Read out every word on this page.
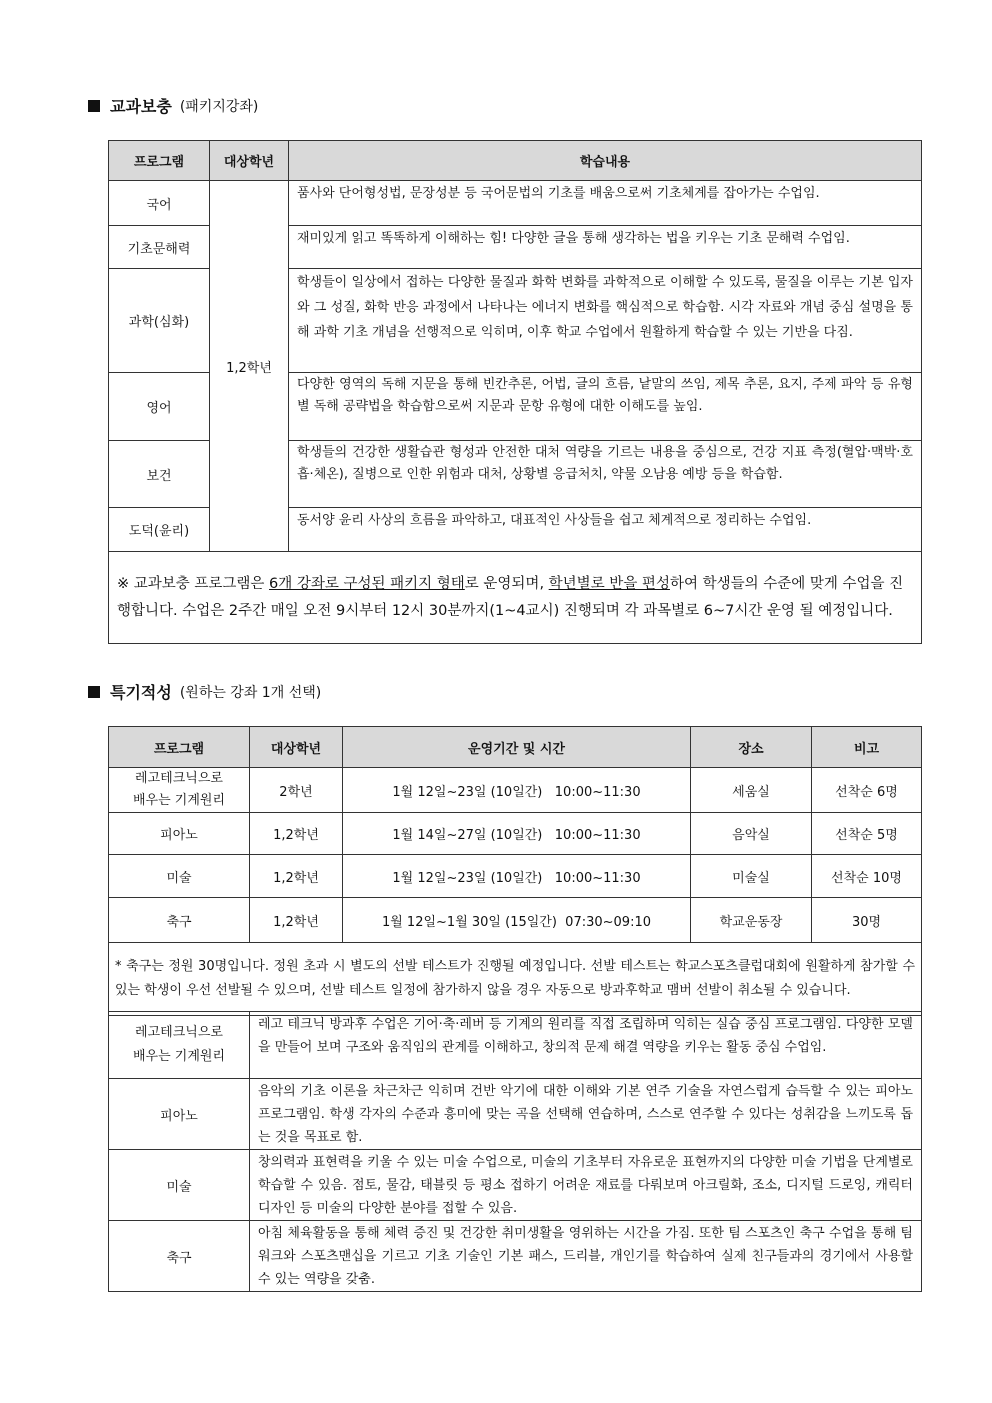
교과보충 (패키지강좌)
프로그램	대상학년	학습내용
국어	1,2학년	품사와 단어형성법, 문장성분 등 국어문법의 기초를 배움으로써 기초체계를 잡아가는 수업임.
기초문해력		재미있게 읽고 똑똑하게 이해하는 힘! 다양한 글을 통해 생각하는 법을 키우는 기초 문해력 수업임.
과학(심화)		학생들이 일상에서 접하는 다양한 물질과 화학 변화를 과학적으로 이해할 수 있도록, 물질을 이루는 기본 입자와 그 성질, 화학 반응 과정에서 나타나는 에너지 변화를 핵심적으로 학습함. 시각 자료와 개념 중심 설명을 통해 과학 기초 개념을 선행적으로 익히며, 이후 학교 수업에서 원활하게 학습할 수 있는 기반을 다짐.
영어		다양한 영역의 독해 지문을 통해 빈칸추론, 어법, 글의 흐름, 낱말의 쓰임, 제목 추론, 요지, 주제 파악 등 유형별 독해 공략법을 학습함으로써 지문과 문항 유형에 대한 이해도를 높임.
보건		학생들의 건강한 생활습관 형성과 안전한 대처 역량을 기르는 내용을 중심으로, 건강 지표 측정(혈압·맥박·호흡·체온), 질병으로 인한 위험과 대처, 상황별 응급처치, 약물 오남용 예방 등을 학습함.
도덕(윤리)		동서양 윤리 사상의 흐름을 파악하고, 대표적인 사상들을 쉽고 체계적으로 정리하는 수업임.
※ 교과보충 프로그램은 6개 강좌로 구성된 패키지 형태로 운영되며, 학년별로 반을 편성하여 학생들의 수준에 맞게 수업을 진행합니다. 수업은 2주간 매일 오전 9시부터 12시 30분까지(1~4교시) 진행되며 각 과목별로 6~7시간 운영 될 예정입니다.		
특기적성 (원하는 강좌 1개 선택)
프로그램	대상학년	운영기간 및 시간	장소	비고
레고테크닉으로
배우는 기계원리	2학년	1월 12일~23일 (10일간)   10:00~11:30	세움실	선착순 6명
피아노	1,2학년	1월 14일~27일 (10일간)   10:00~11:30	음악실	선착순 5명
미술	1,2학년	1월 12일~23일 (10일간)   10:00~11:30	미술실	선착순 10명
축구	1,2학년	1월 12일~1월 30일 (15일간)  07:30~09:10	학교운동장	30명
* 축구는 정원 30명입니다. 정원 초과 시 별도의 선발 테스트가 진행될 예정입니다. 선발 테스트는 학교스포츠클럽대회에 원활하게 참가할 수 있는 학생이 우선 선발될 수 있으며, 선발 테스트 일정에 참가하지 않을 경우 자동으로 방과후학교 맴버 선발이 취소될 수 있습니다.				
레고테크닉으로
배우는 기계원리	레고 테크닉 방과후 수업은 기어·축·레버 등 기계의 원리를 직접 조립하며 익히는 실습 중심 프로그램임. 다양한 모델을 만들어 보며 구조와 움직임의 관계를 이해하고, 창의적 문제 해결 역량을 키우는 활동 중심 수업임.
피아노	음악의 기초 이론을 차근차근 익히며 건반 악기에 대한 이해와 기본 연주 기술을 자연스럽게 습득할 수 있는 피아노 프로그램임. 학생 각자의 수준과 흥미에 맞는 곡을 선택해 연습하며, 스스로 연주할 수 있다는 성취감을 느끼도록 돕는 것을 목표로 함.
미술	창의력과 표현력을 키울 수 있는 미술 수업으로, 미술의 기초부터 자유로운 표현까지의 다양한 미술 기법을 단계별로 학습할 수 있음. 점토, 물감, 태블릿 등 평소 접하기 어려운 재료를 다뤄보며 아크릴화, 조소, 디지털 드로잉, 캐릭터 디자인 등 미술의 다양한 분야를 접할 수 있음.
축구	아침 체육활동을 통해 체력 증진 및 건강한 취미생활을 영위하는 시간을 가짐. 또한 팀 스포츠인 축구 수업을 통해 팀워크와 스포츠맨십을 기르고 기초 기술인 기본 패스, 드리블, 개인기를 학습하여 실제 친구들과의 경기에서 사용할 수 있는 역량을 갖춤.
